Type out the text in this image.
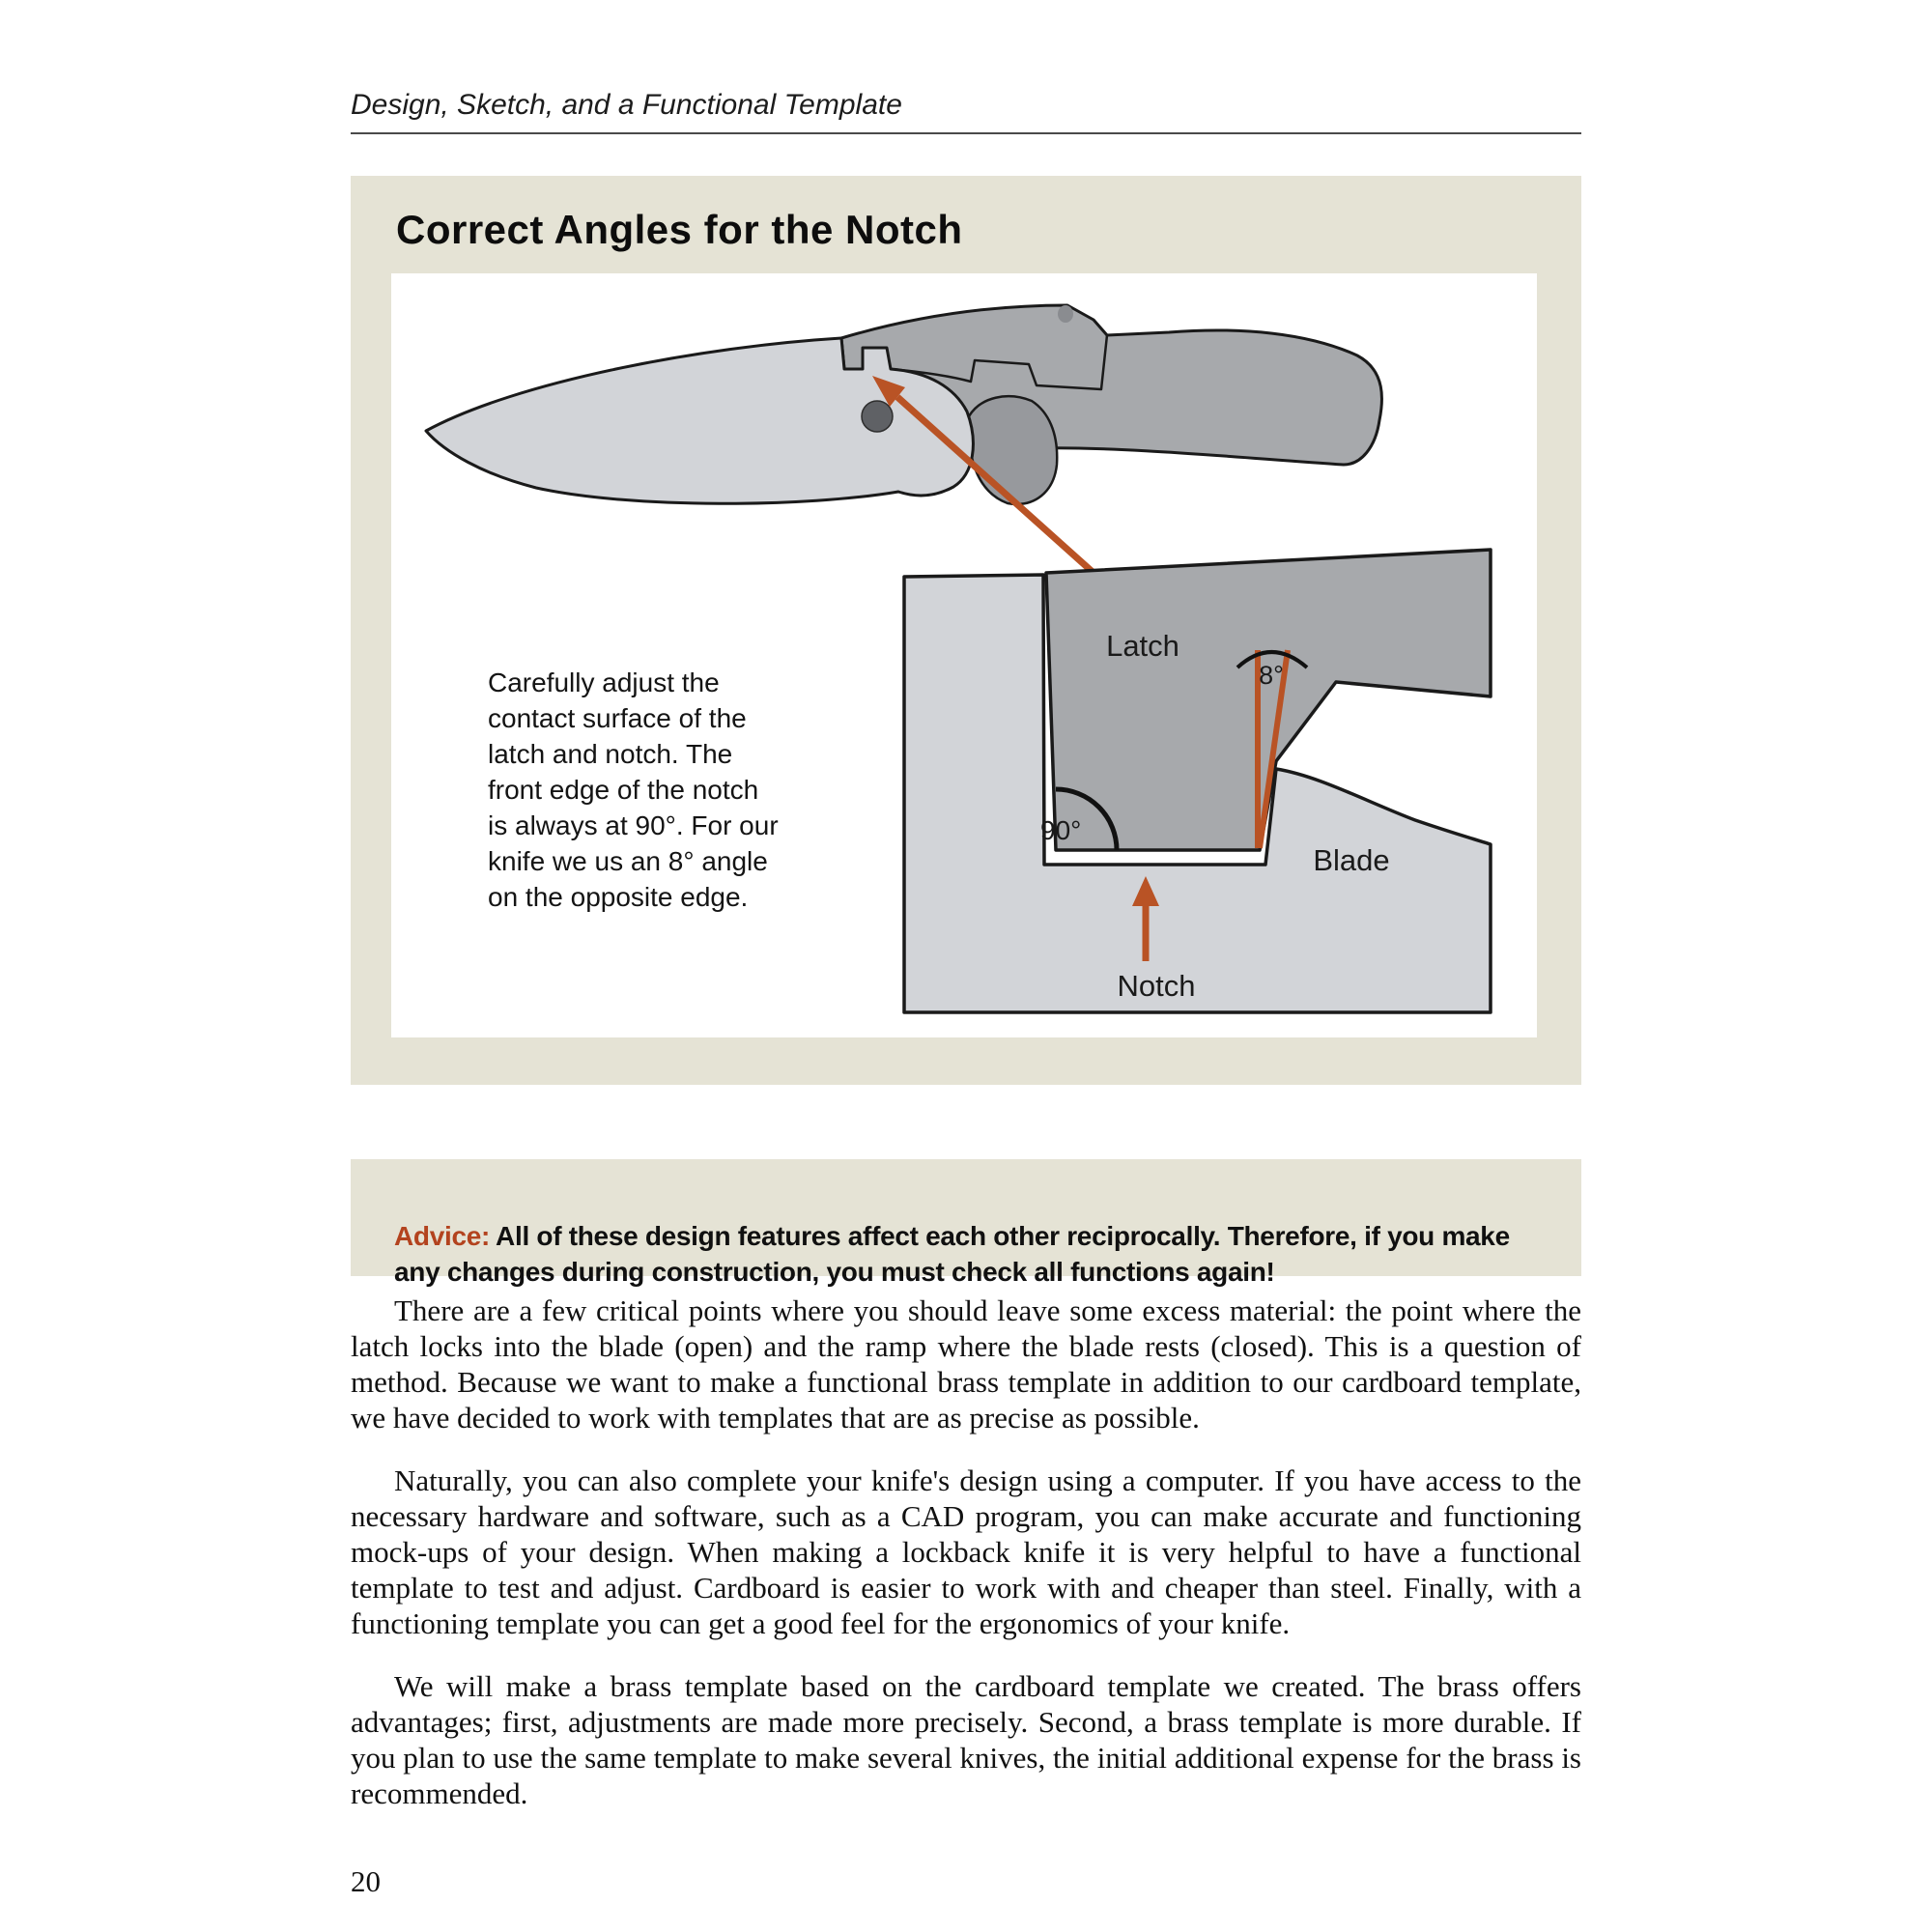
Design, Sketch, and a Functional Template
Correct Angles for the Notch
90°
8°
Latch
Blade
Notch
Carefully adjust the
contact surface of the
latch and notch. The
front edge of the notch
is always at 90°. For our
knife we us an 8° angle
on the opposite edge.

Advice: All of these design features affect each other reciprocally. Therefore, if you make any changes during construction, you must check all functions again!

There are a few critical points where you should leave some excess material: the point where the latch locks into the blade (open) and the ramp where the blade rests (closed). This is a question of method. Because we want to make a functional brass template in addition to our cardboard template, we have decided to work with templates that are as precise as possible.

Naturally, you can also complete your knife's design using a computer. If you have access to the necessary hardware and software, such as a CAD program, you can make accurate and functioning mock-ups of your design. When making a lockback knife it is very helpful to have a functional template to test and adjust. Cardboard is easier to work with and cheaper than steel. Finally, with a functioning template you can get a good feel for the ergonomics of your knife.

We will make a brass template based on the cardboard template we created. The brass offers advantages; first, adjustments are made more precisely. Second, a brass template is more durable. If you plan to use the same template to make several knives, the initial additional expense for the brass is recommended.

20
